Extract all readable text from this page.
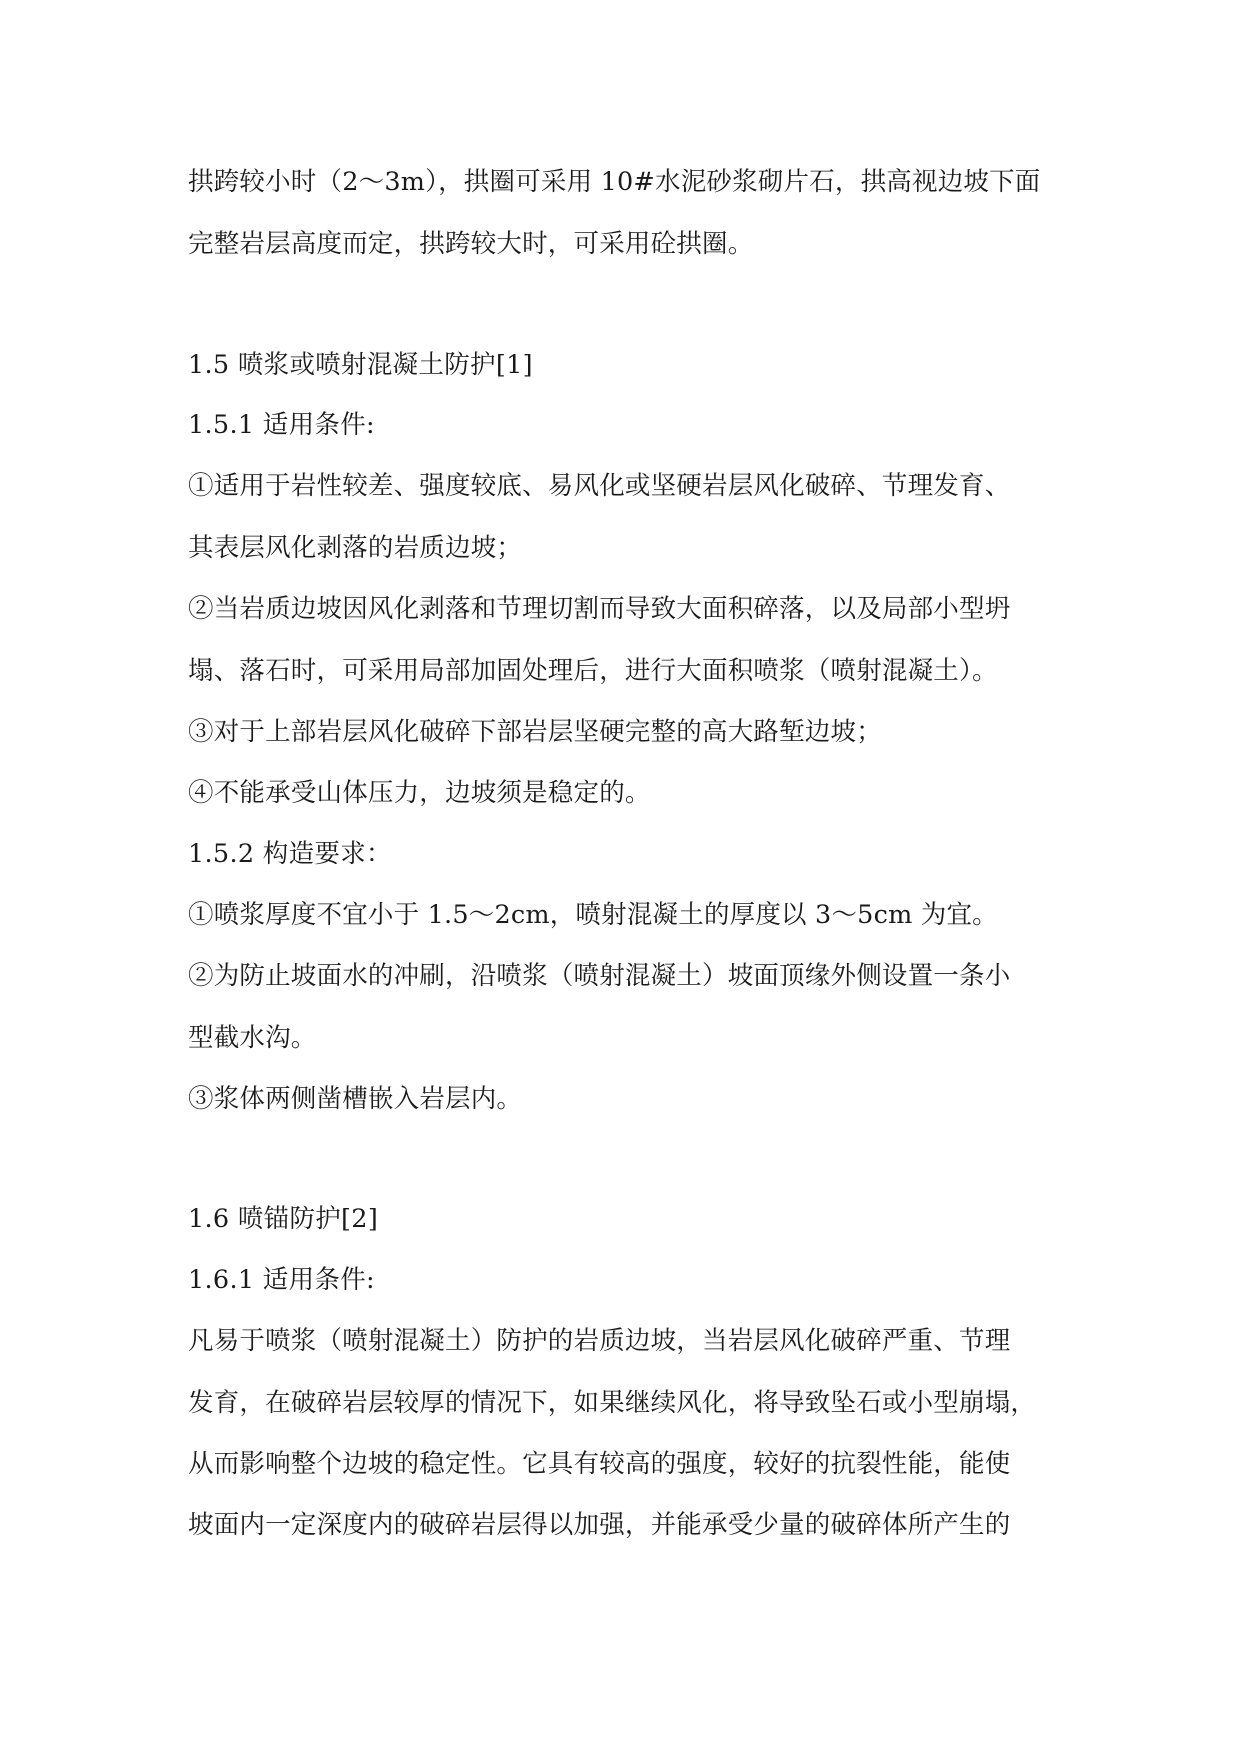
拱跨较小时（2～3m），拱圈可采用 10#水泥砂浆砌片石，拱高视边坡下面
完整岩层高度而定，拱跨较大时，可采用砼拱圈。
1.5 喷浆或喷射混凝土防护[1]
1.5.1 适用条件:
①适用于岩性较差、强度较底、易风化或坚硬岩层风化破碎、节理发育、
其表层风化剥落的岩质边坡；
②当岩质边坡因风化剥落和节理切割而导致大面积碎落，以及局部小型坍
塌、落石时，可采用局部加固处理后，进行大面积喷浆（喷射混凝土）。
③对于上部岩层风化破碎下部岩层坚硬完整的高大路堑边坡；
④不能承受山体压力，边坡须是稳定的。
1.5.2 构造要求：
①喷浆厚度不宜小于 1.5～2cm，喷射混凝土的厚度以 3～5cm 为宜。
②为防止坡面水的冲刷，沿喷浆（喷射混凝土）坡面顶缘外侧设置一条小
型截水沟。
③浆体两侧凿槽嵌入岩层内。
1.6 喷锚防护[2]
1.6.1 适用条件:
凡易于喷浆（喷射混凝土）防护的岩质边坡，当岩层风化破碎严重、节理
发育，在破碎岩层较厚的情况下，如果继续风化，将导致坠石或小型崩塌，
从而影响整个边坡的稳定性。它具有较高的强度，较好的抗裂性能，能使
坡面内一定深度内的破碎岩层得以加强，并能承受少量的破碎体所产生的
